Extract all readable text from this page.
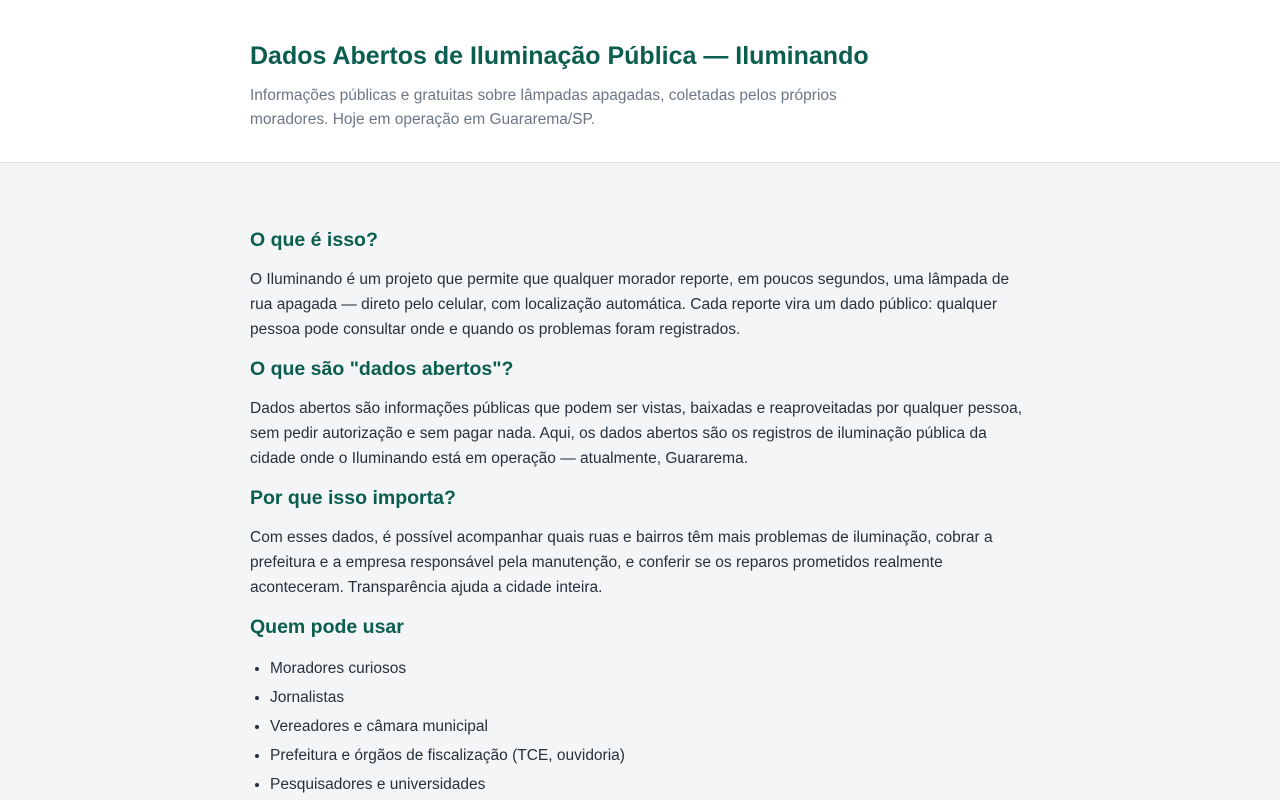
Dados Abertos de Iluminação Pública — Iluminando

Informações públicas e gratuitas sobre lâmpadas apagadas, coletadas pelos próprios moradores. Hoje em operação em Guararema/SP.

O que é isso?

O Iluminando é um projeto que permite que qualquer morador reporte, em poucos segundos, uma lâmpada de rua apagada — direto pelo celular, com localização automática. Cada reporte vira um dado público: qualquer pessoa pode consultar onde e quando os problemas foram registrados.

O que são "dados abertos"?

Dados abertos são informações públicas que podem ser vistas, baixadas e reaproveitadas por qualquer pessoa, sem pedir autorização e sem pagar nada. Aqui, os dados abertos são os registros de iluminação pública da cidade onde o Iluminando está em operação — atualmente, Guararema.

Por que isso importa?

Com esses dados, é possível acompanhar quais ruas e bairros têm mais problemas de iluminação, cobrar a prefeitura e a empresa responsável pela manutenção, e conferir se os reparos prometidos realmente aconteceram. Transparência ajuda a cidade inteira.

Quem pode usar
• Moradores curiosos
• Jornalistas
• Vereadores e câmara municipal
• Prefeitura e órgãos de fiscalização (TCE, ouvidoria)
• Pesquisadores e universidades
